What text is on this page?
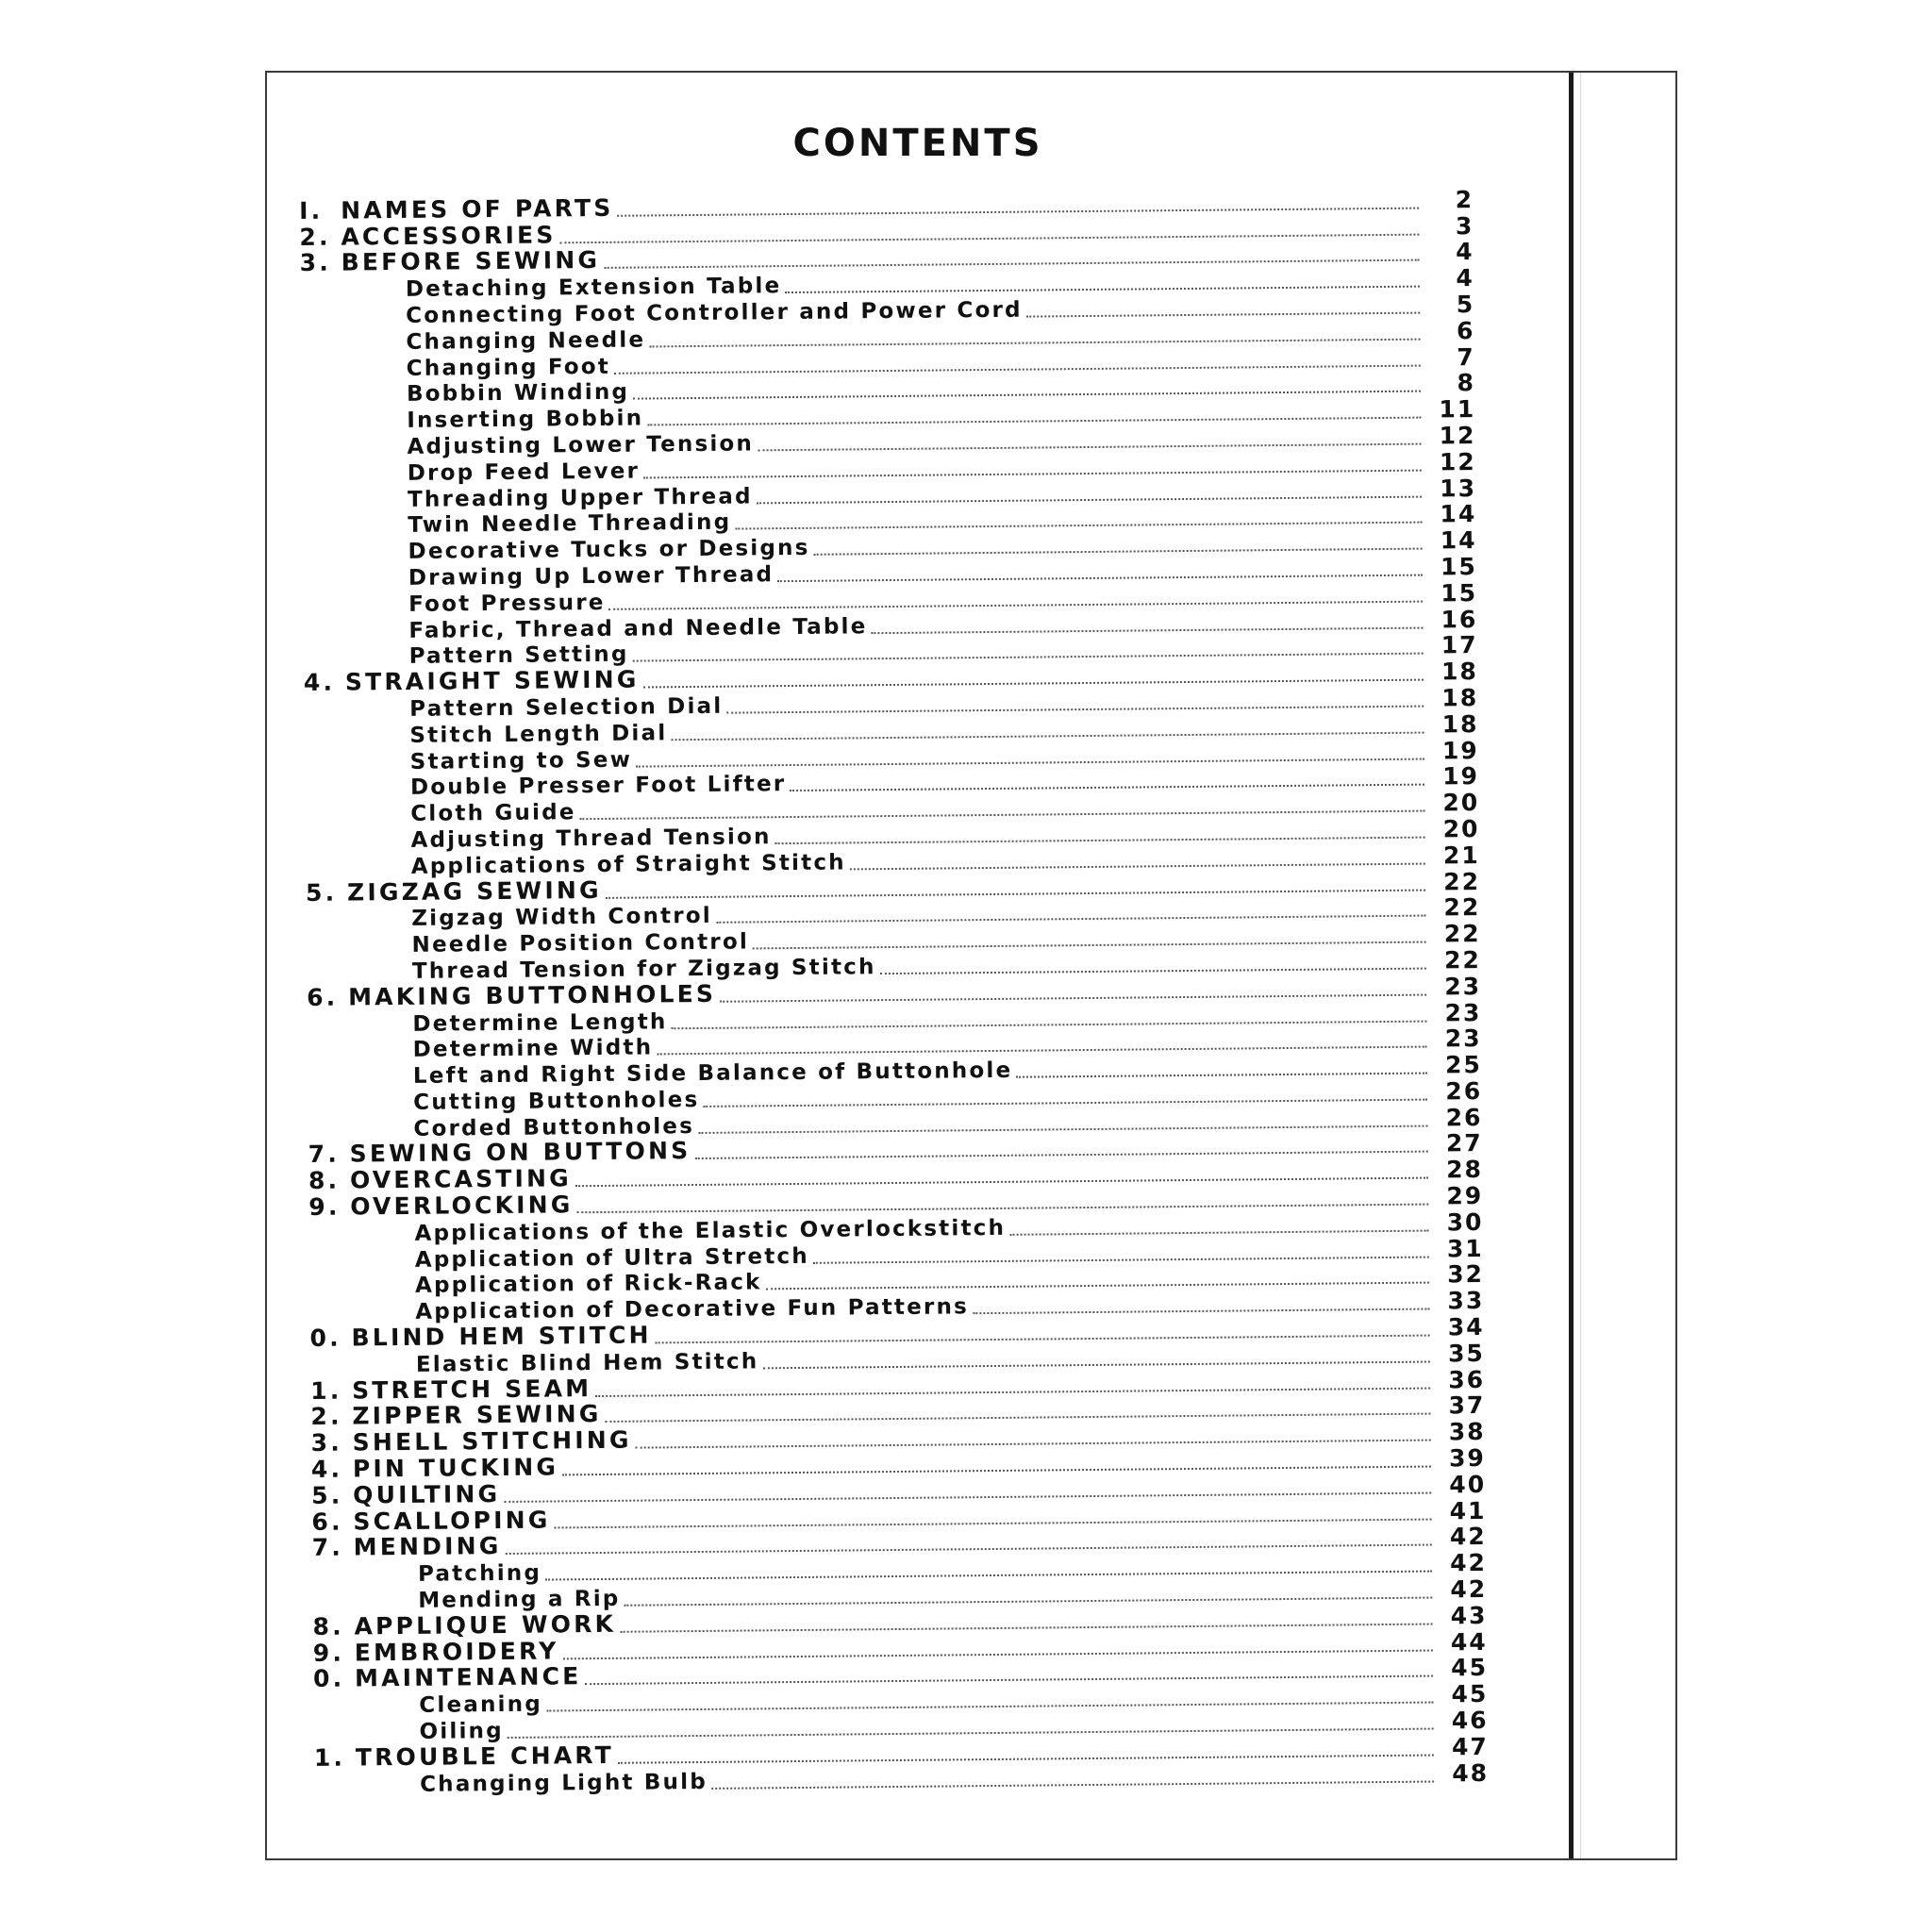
CONTENTS
I. NAMES OF PARTS	2
2. ACCESSORIES	3
3. BEFORE SEWING	4
Detaching Extension Table	4
Connecting Foot Controller and Power Cord	5
Changing Needle	6
Changing Foot	7
Bobbin Winding	8
Inserting Bobbin	11
Adjusting Lower Tension	12
Drop Feed Lever	12
Threading Upper Thread	13
Twin Needle Threading	14
Decorative Tucks or Designs	14
Drawing Up Lower Thread	15
Foot Pressure	15
Fabric, Thread and Needle Table	16
Pattern Setting	17
4. STRAIGHT SEWING	18
Pattern Selection Dial	18
Stitch Length Dial	18
Starting to Sew	19
Double Presser Foot Lifter	19
Cloth Guide	20
Adjusting Thread Tension	20
Applications of Straight Stitch	21
5. ZIGZAG SEWING	22
Zigzag Width Control	22
Needle Position Control	22
Thread Tension for Zigzag Stitch	22
6. MAKING BUTTONHOLES	23
Determine Length	23
Determine Width	23
Left and Right Side Balance of Buttonhole	25
Cutting Buttonholes	26
Corded Buttonholes	26
7. SEWING ON BUTTONS	27
8. OVERCASTING	28
9. OVERLOCKING	29
Applications of the Elastic Overlockstitch	30
Application of Ultra Stretch	31
Application of Rick-Rack	32
Application of Decorative Fun Patterns	33
0. BLIND HEM STITCH	34
Elastic Blind Hem Stitch	35
1. STRETCH SEAM	36
2. ZIPPER SEWING	37
3. SHELL STITCHING	38
4. PIN TUCKING	39
5. QUILTING	40
6. SCALLOPING	41
7. MENDING	42
Patching	42
Mending a Rip	42
8. APPLIQUE WORK	43
9. EMBROIDERY	44
0. MAINTENANCE	45
Cleaning	45
Oiling	46
1. TROUBLE CHART	47
Changing Light Bulb	48
